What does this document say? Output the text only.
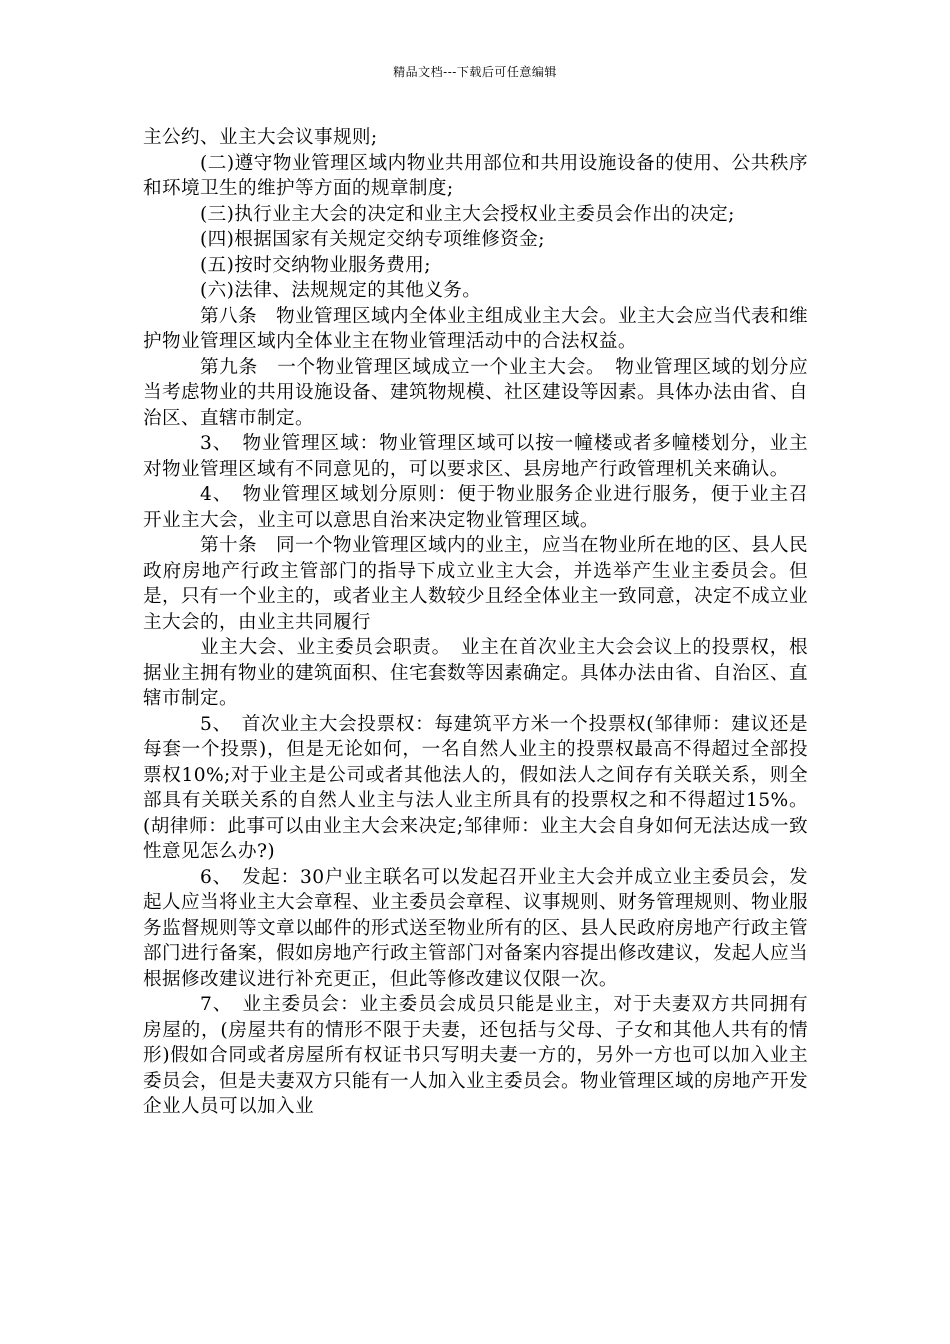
精品文档---下载后可任意编辑

主公约、业主大会议事规则;

(二)遵守物业管理区域内物业共用部位和共用设施设备的使用、公共秩序和环境卫生的维护等方面的规章制度;

(三)执行业主大会的决定和业主大会授权业主委员会作出的决定;

(四)根据国家有关规定交纳专项维修资金;

(五)按时交纳物业服务费用;

(六)法律、法规规定的其他义务。

第八条　物业管理区域内全体业主组成业主大会。业主大会应当代表和维护物业管理区域内全体业主在物业管理活动中的合法权益。

第九条　一个物业管理区域成立一个业主大会。　物业管理区域的划分应当考虑物业的共用设施设备、建筑物规模、社区建设等因素。具体办法由省、自治区、直辖市制定。

3、　物业管理区域：物业管理区域可以按一幢楼或者多幢楼划分，业主对物业管理区域有不同意见的，可以要求区、县房地产行政管理机关来确认。

4、　物业管理区域划分原则：便于物业服务企业进行服务，便于业主召开业主大会，业主可以意思自治来决定物业管理区域。

第十条　同一个物业管理区域内的业主，应当在物业所在地的区、县人民政府房地产行政主管部门的指导下成立业主大会，并选举产生业主委员会。但是，只有一个业主的，或者业主人数较少且经全体业主一致同意，决定不成立业主大会的，由业主共同履行

业主大会、业主委员会职责。　业主在首次业主大会会议上的投票权，根据业主拥有物业的建筑面积、住宅套数等因素确定。具体办法由省、自治区、直辖市制定。

5、　首次业主大会投票权：每建筑平方米一个投票权(邹律师：建议还是每套一个投票)，但是无论如何，一名自然人业主的投票权最高不得超过全部投票权10%;对于业主是公司或者其他法人的，假如法人之间存有关联关系，则全部具有关联关系的自然人业主与法人业主所具有的投票权之和不得超过15%。(胡律师：此事可以由业主大会来决定;邹律师：业主大会自身如何无法达成一致性意见怎么办?)

6、　发起：30户业主联名可以发起召开业主大会并成立业主委员会，发起人应当将业主大会章程、业主委员会章程、议事规则、财务管理规则、物业服务监督规则等文章以邮件的形式送至物业所有的区、县人民政府房地产行政主管部门进行备案，假如房地产行政主管部门对备案内容提出修改建议，发起人应当根据修改建议进行补充更正，但此等修改建议仅限一次。

7、　业主委员会：业主委员会成员只能是业主，对于夫妻双方共同拥有房屋的，(房屋共有的情形不限于夫妻，还包括与父母、子女和其他人共有的情形)假如合同或者房屋所有权证书只写明夫妻一方的，另外一方也可以加入业主委员会，但是夫妻双方只能有一人加入业主委员会。物业管理区域的房地产开发企业人员可以加入业
